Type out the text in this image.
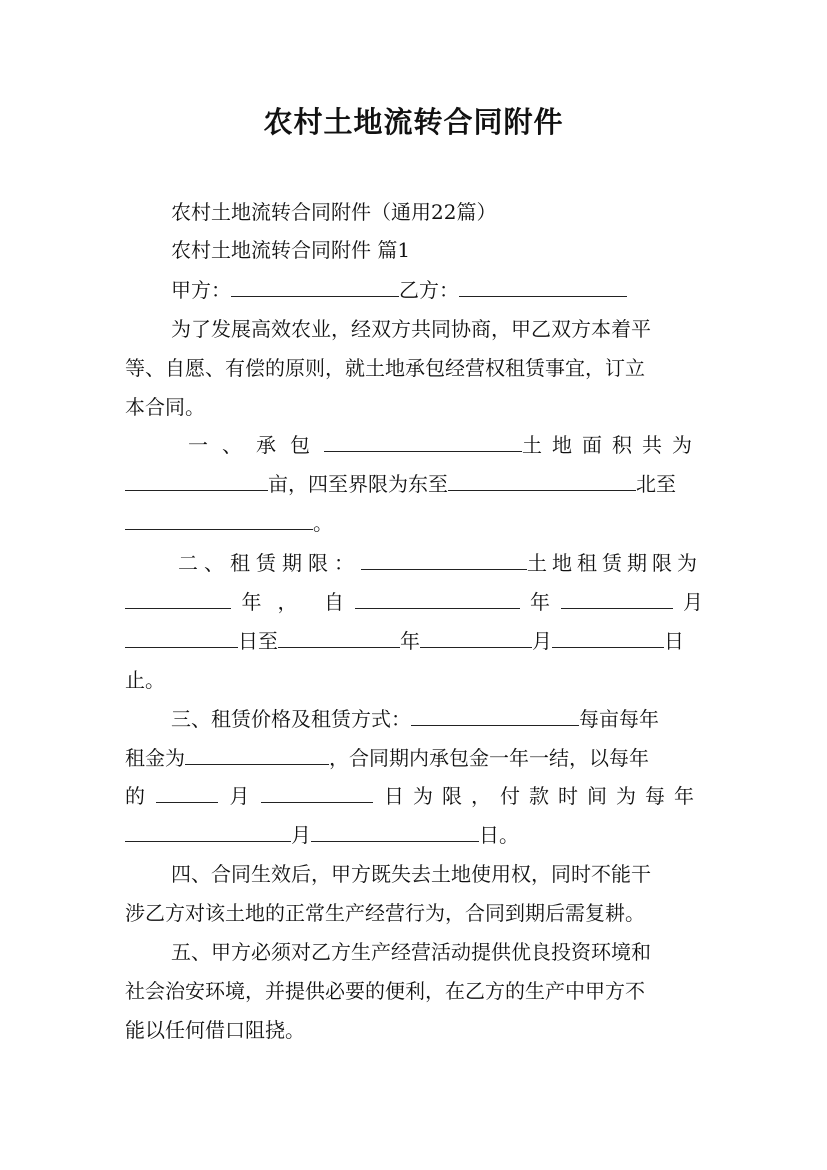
农村土地流转合同附件
农村土地流转合同附件（通用22篇）
农村土地流转合同附件 篇1
甲方：	乙方：
为了发展高效农业，经双方共同协商，甲乙双方本着平
等、自愿、有偿的原则，就土地承包经营权租赁事宜，订立
本合同。
一、承包	土地面积共为
亩，四至界限为东至	北至
。
二、租赁期限：	土地租赁期限为
年， 自	年	月
日至	年	月	日
止。
三、租赁价格及租赁方式：	每亩每年
租金为	，合同期内承包金一年一结，以每年
的	月	日为限，付款时间为每年
月	日。
四、合同生效后，甲方既失去土地使用权，同时不能干
涉乙方对该土地的正常生产经营行为，合同到期后需复耕。
五、甲方必须对乙方生产经营活动提供优良投资环境和
社会治安环境，并提供必要的便利，在乙方的生产中甲方不
能以任何借口阻挠。
